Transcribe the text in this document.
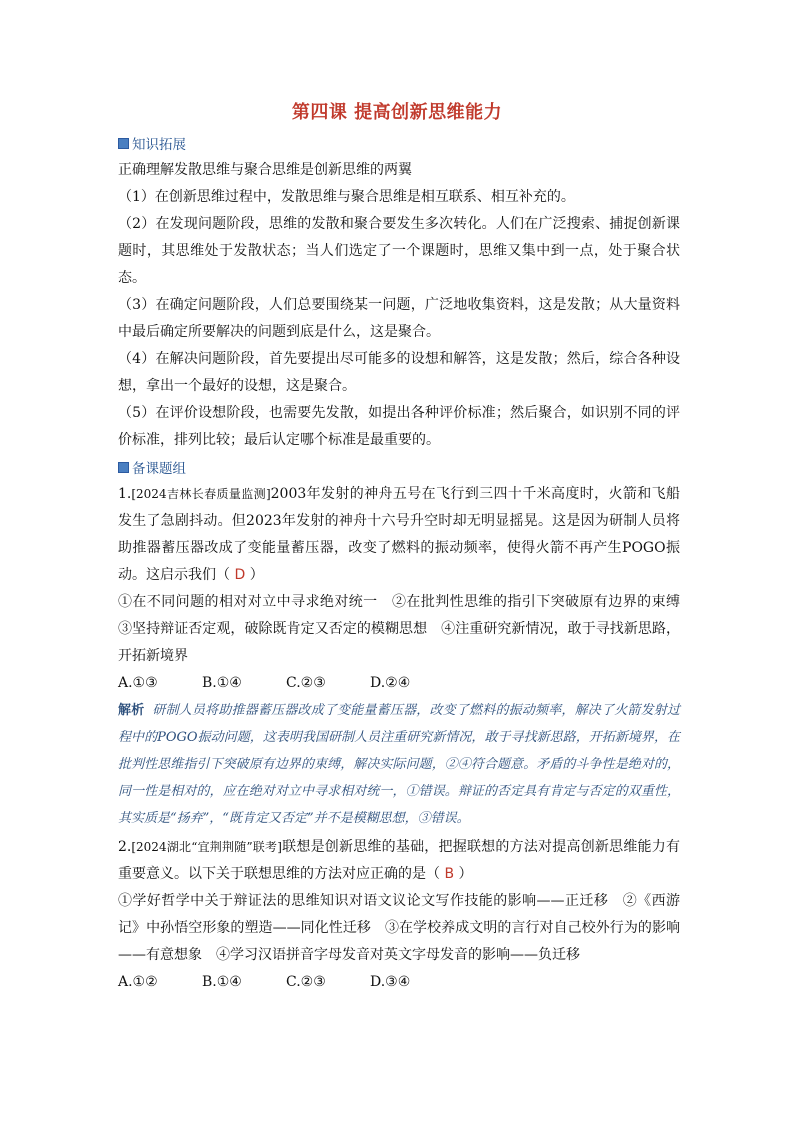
第四课 提高创新思维能力
知识拓展

正确理解发散思维与聚合思维是创新思维的两翼

（1）在创新思维过程中，发散思维与聚合思维是相互联系、相互补充的。

（2）在发现问题阶段，思维的发散和聚合要发生多次转化。人们在广泛搜索、捕捉创新课题时，其思维处于发散状态；当人们选定了一个课题时，思维又集中到一点，处于聚合状态。

（3）在确定问题阶段，人们总要围绕某一问题，广泛地收集资料，这是发散；从大量资料中最后确定所要解决的问题到底是什么，这是聚合。

（4）在解决问题阶段，首先要提出尽可能多的设想和解答，这是发散；然后，综合各种设想，拿出一个最好的设想，这是聚合。

（5）在评价设想阶段，也需要先发散，如提出各种评价标准；然后聚合，如识别不同的评价标准，排列比较；最后认定哪个标准是最重要的。

备课题组

1.[2024吉林长春质量监测]2003年发射的神舟五号在飞行到三四十千米高度时，火箭和飞船发生了急剧抖动。但2023年发射的神舟十六号升空时却无明显摇晃。这是因为研制人员将助推器蓄压器改成了变能量蓄压器，改变了燃料的振动频率，使得火箭不再产生POGO振动。这启示我们（ D ）

①在不同问题的相对对立中寻求绝对统一　②在批判性思维的指引下突破原有边界的束缚　③坚持辩证否定观，破除既肯定又否定的模糊思想　④注重研究新情况，敢于寻找新思路，开拓新境界

A.①③	B.①④	C.②③	D.②④

解析 研制人员将助推器蓄压器改成了变能量蓄压器，改变了燃料的振动频率，解决了火箭发射过程中的POGO振动问题，这表明我国研制人员注重研究新情况，敢于寻找新思路，开拓新境界，在批判性思维指引下突破原有边界的束缚，解决实际问题，②④符合题意。矛盾的斗争性是绝对的，同一性是相对的，应在绝对对立中寻求相对统一，①错误。辩证的否定具有肯定与否定的双重性，其实质是“扬弃”，“既肯定又否定”并不是模糊思想，③错误。

2.[2024湖北“宜荆荆随”联考]联想是创新思维的基础，把握联想的方法对提高创新思维能力有重要意义。以下关于联想思维的方法对应正确的是（ B ）

①学好哲学中关于辩证法的思维知识对语文议论文写作技能的影响——正迁移　②《西游记》中孙悟空形象的塑造——同化性迁移　③在学校养成文明的言行对自己校外行为的影响——有意想象　④学习汉语拼音字母发音对英文字母发音的影响——负迁移

A.①②	B.①④	C.②③	D.③④
